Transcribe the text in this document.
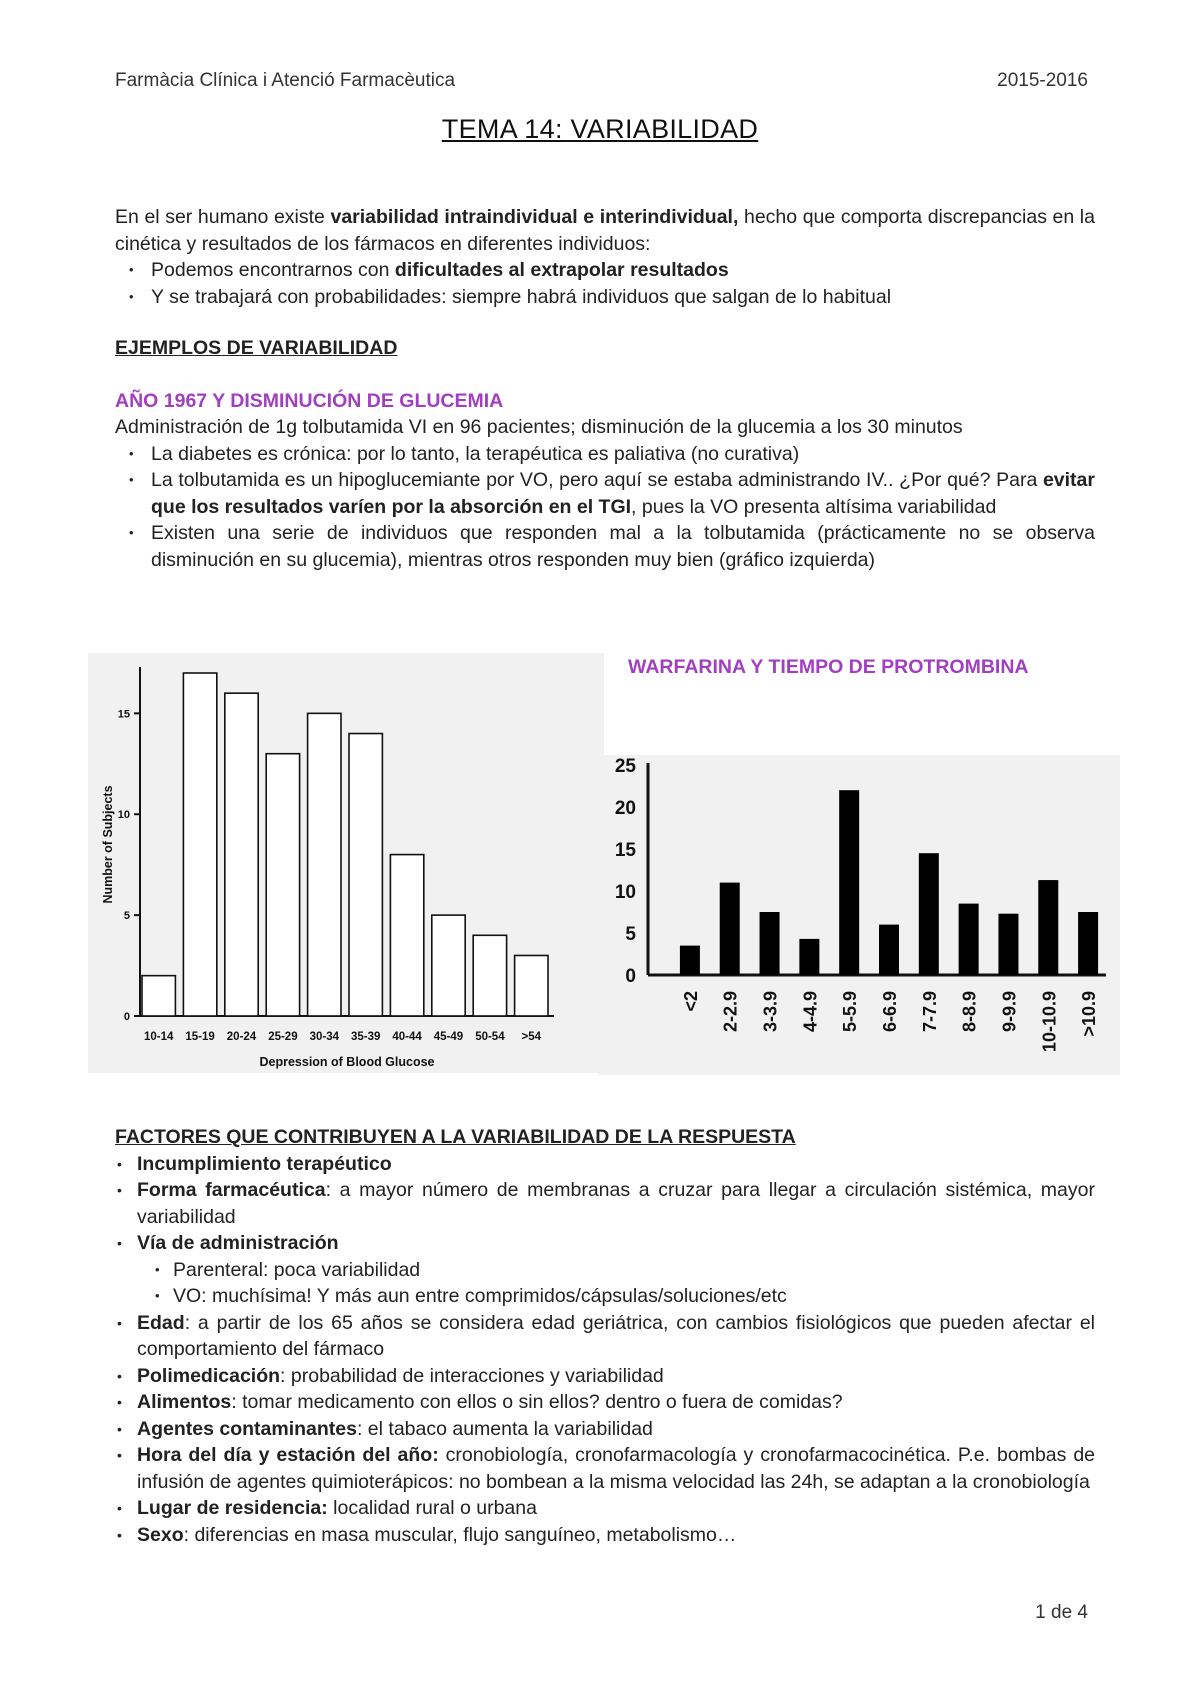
Farmàcia Clínica i Atenció Farmacèutica	2015-2016
TEMA 14: VARIABILIDAD
En el ser humano existe variabilidad intraindividual e interindividual, hecho que comporta discrepancias en la cinética y resultados de los fármacos en diferentes individuos:
• Podemos encontrarnos con dificultades al extrapolar resultados
• Y se trabajará con probabilidades: siempre habrá individuos que salgan de lo habitual
EJEMPLOS DE VARIABILIDAD
AÑO 1967 Y DISMINUCIÓN DE GLUCEMIA
Administración de 1g tolbutamida VI en 96 pacientes; disminución de la glucemia a los 30 minutos
• La diabetes es crónica: por lo tanto, la terapéutica es paliativa (no curativa)
• La tolbutamida es un hipoglucemiante por VO, pero aquí se estaba administrando IV.. ¿Por qué? Para evitar que los resultados varíen por la absorción en el TGI, pues la VO presenta altísima variabilidad
• Existen una serie de individuos que responden mal a la tolbutamida (prácticamente no se observa disminución en su glucemia), mientras otros responden muy bien (gráfico izquierda)
0
5
10
15
10-14 15-19 20-24 25-29 30-34 35-39 40-44 45-49 50-54 >54
Depression of Blood Glucose
Number of Subjects
WARFARINA Y TIEMPO DE PROTROMBINA
0
5
10
15
20
25
<2 2-2.9 3-3.9 4-4.9 5-5.9 6-6.9 7-7.9 8-8.9 9-9.9 10-10.9 >10.9
FACTORES QUE CONTRIBUYEN A LA VARIABILIDAD DE LA RESPUESTA
• Incumplimiento terapéutico
• Forma farmacéutica: a mayor número de membranas a cruzar para llegar a circulación sistémica, mayor variabilidad
• Vía de administración
• Parenteral: poca variabilidad
• VO: muchísima! Y más aun entre comprimidos/cápsulas/soluciones/etc
• Edad: a partir de los 65 años se considera edad geriátrica, con cambios fisiológicos que pueden afectar el comportamiento del fármaco
• Polimedicación: probabilidad de interacciones y variabilidad
• Alimentos: tomar medicamento con ellos o sin ellos? dentro o fuera de comidas?
• Agentes contaminantes: el tabaco aumenta la variabilidad
• Hora del día y estación del año: cronobiología, cronofarmacología y cronofarmacocinética. P.e. bombas de infusión de agentes quimioterápicos: no bombean a la misma velocidad las 24h, se adaptan a la cronobiología
• Lugar de residencia: localidad rural o urbana
• Sexo: diferencias en masa muscular, flujo sanguíneo, metabolismo…
1 de 4
